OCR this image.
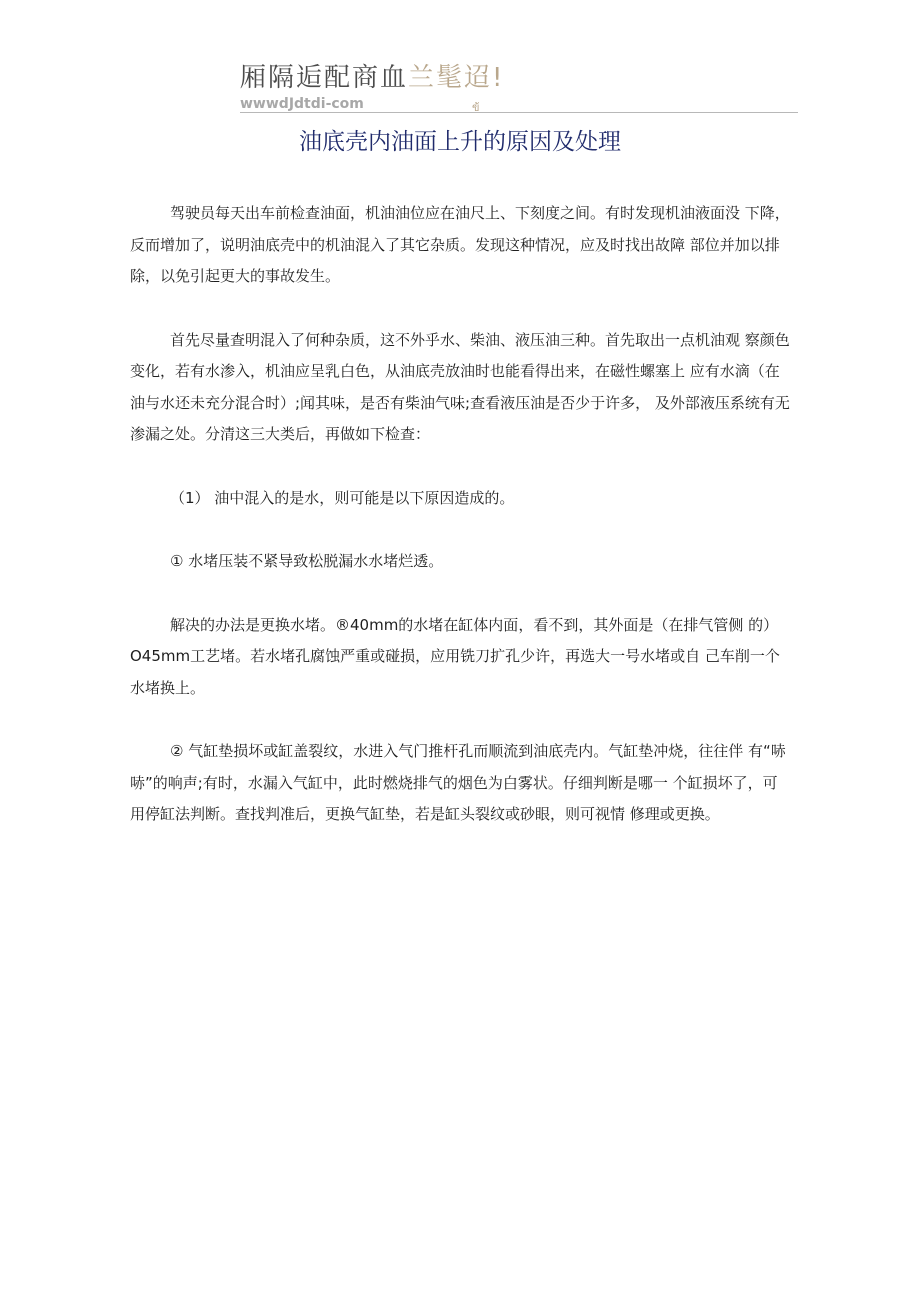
厢隔逅配商血兰髦迢!
wwwdJdtdi-com	ข้
油底壳内油面上升的原因及处理

驾驶员每天出车前检查油面，机油油位应在油尺上、下刻度之间。有时发现机油液面没 下降，反而增加了，说明油底壳中的机油混入了其它杂质。发现这种情况，应及时找出故障 部位并加以排除，以免引起更大的事故发生。

首先尽量查明混入了何种杂质，这不外乎水、柴油、液压油三种。首先取出一点机油观 察颜色变化，若有水渗入，机油应呈乳白色，从油底壳放油时也能看得出来，在磁性螺塞上 应有水滴（在油与水还未充分混合时）;闻其味，是否有柴油气味;查看液压油是否少于许多， 及外部液压系统有无渗漏之处。分清这三大类后，再做如下检查：

（1） 油中混入的是水，则可能是以下原因造成的。

① 水堵压装不紧导致松脱漏水水堵烂透。

解决的办法是更换水堵。®40mm的水堵在缸体内面，看不到，其外面是（在排气管侧 的）O45mm工艺堵。若水堵孔腐蚀严重或碰损，应用铣刀扩孔少许，再选大一号水堵或自 己车削一个水堵换上。

② 气缸垫损坏或缸盖裂纹，水进入气门推杆孔而顺流到油底壳内。气缸垫冲烧，往往伴 有“哧哧”的响声;有时，水漏入气缸中，此时燃烧排气的烟色为白雾状。仔细判断是哪一 个缸损坏了，可用停缸法判断。查找判准后，更换气缸垫，若是缸头裂纹或砂眼，则可视情 修理或更换。
